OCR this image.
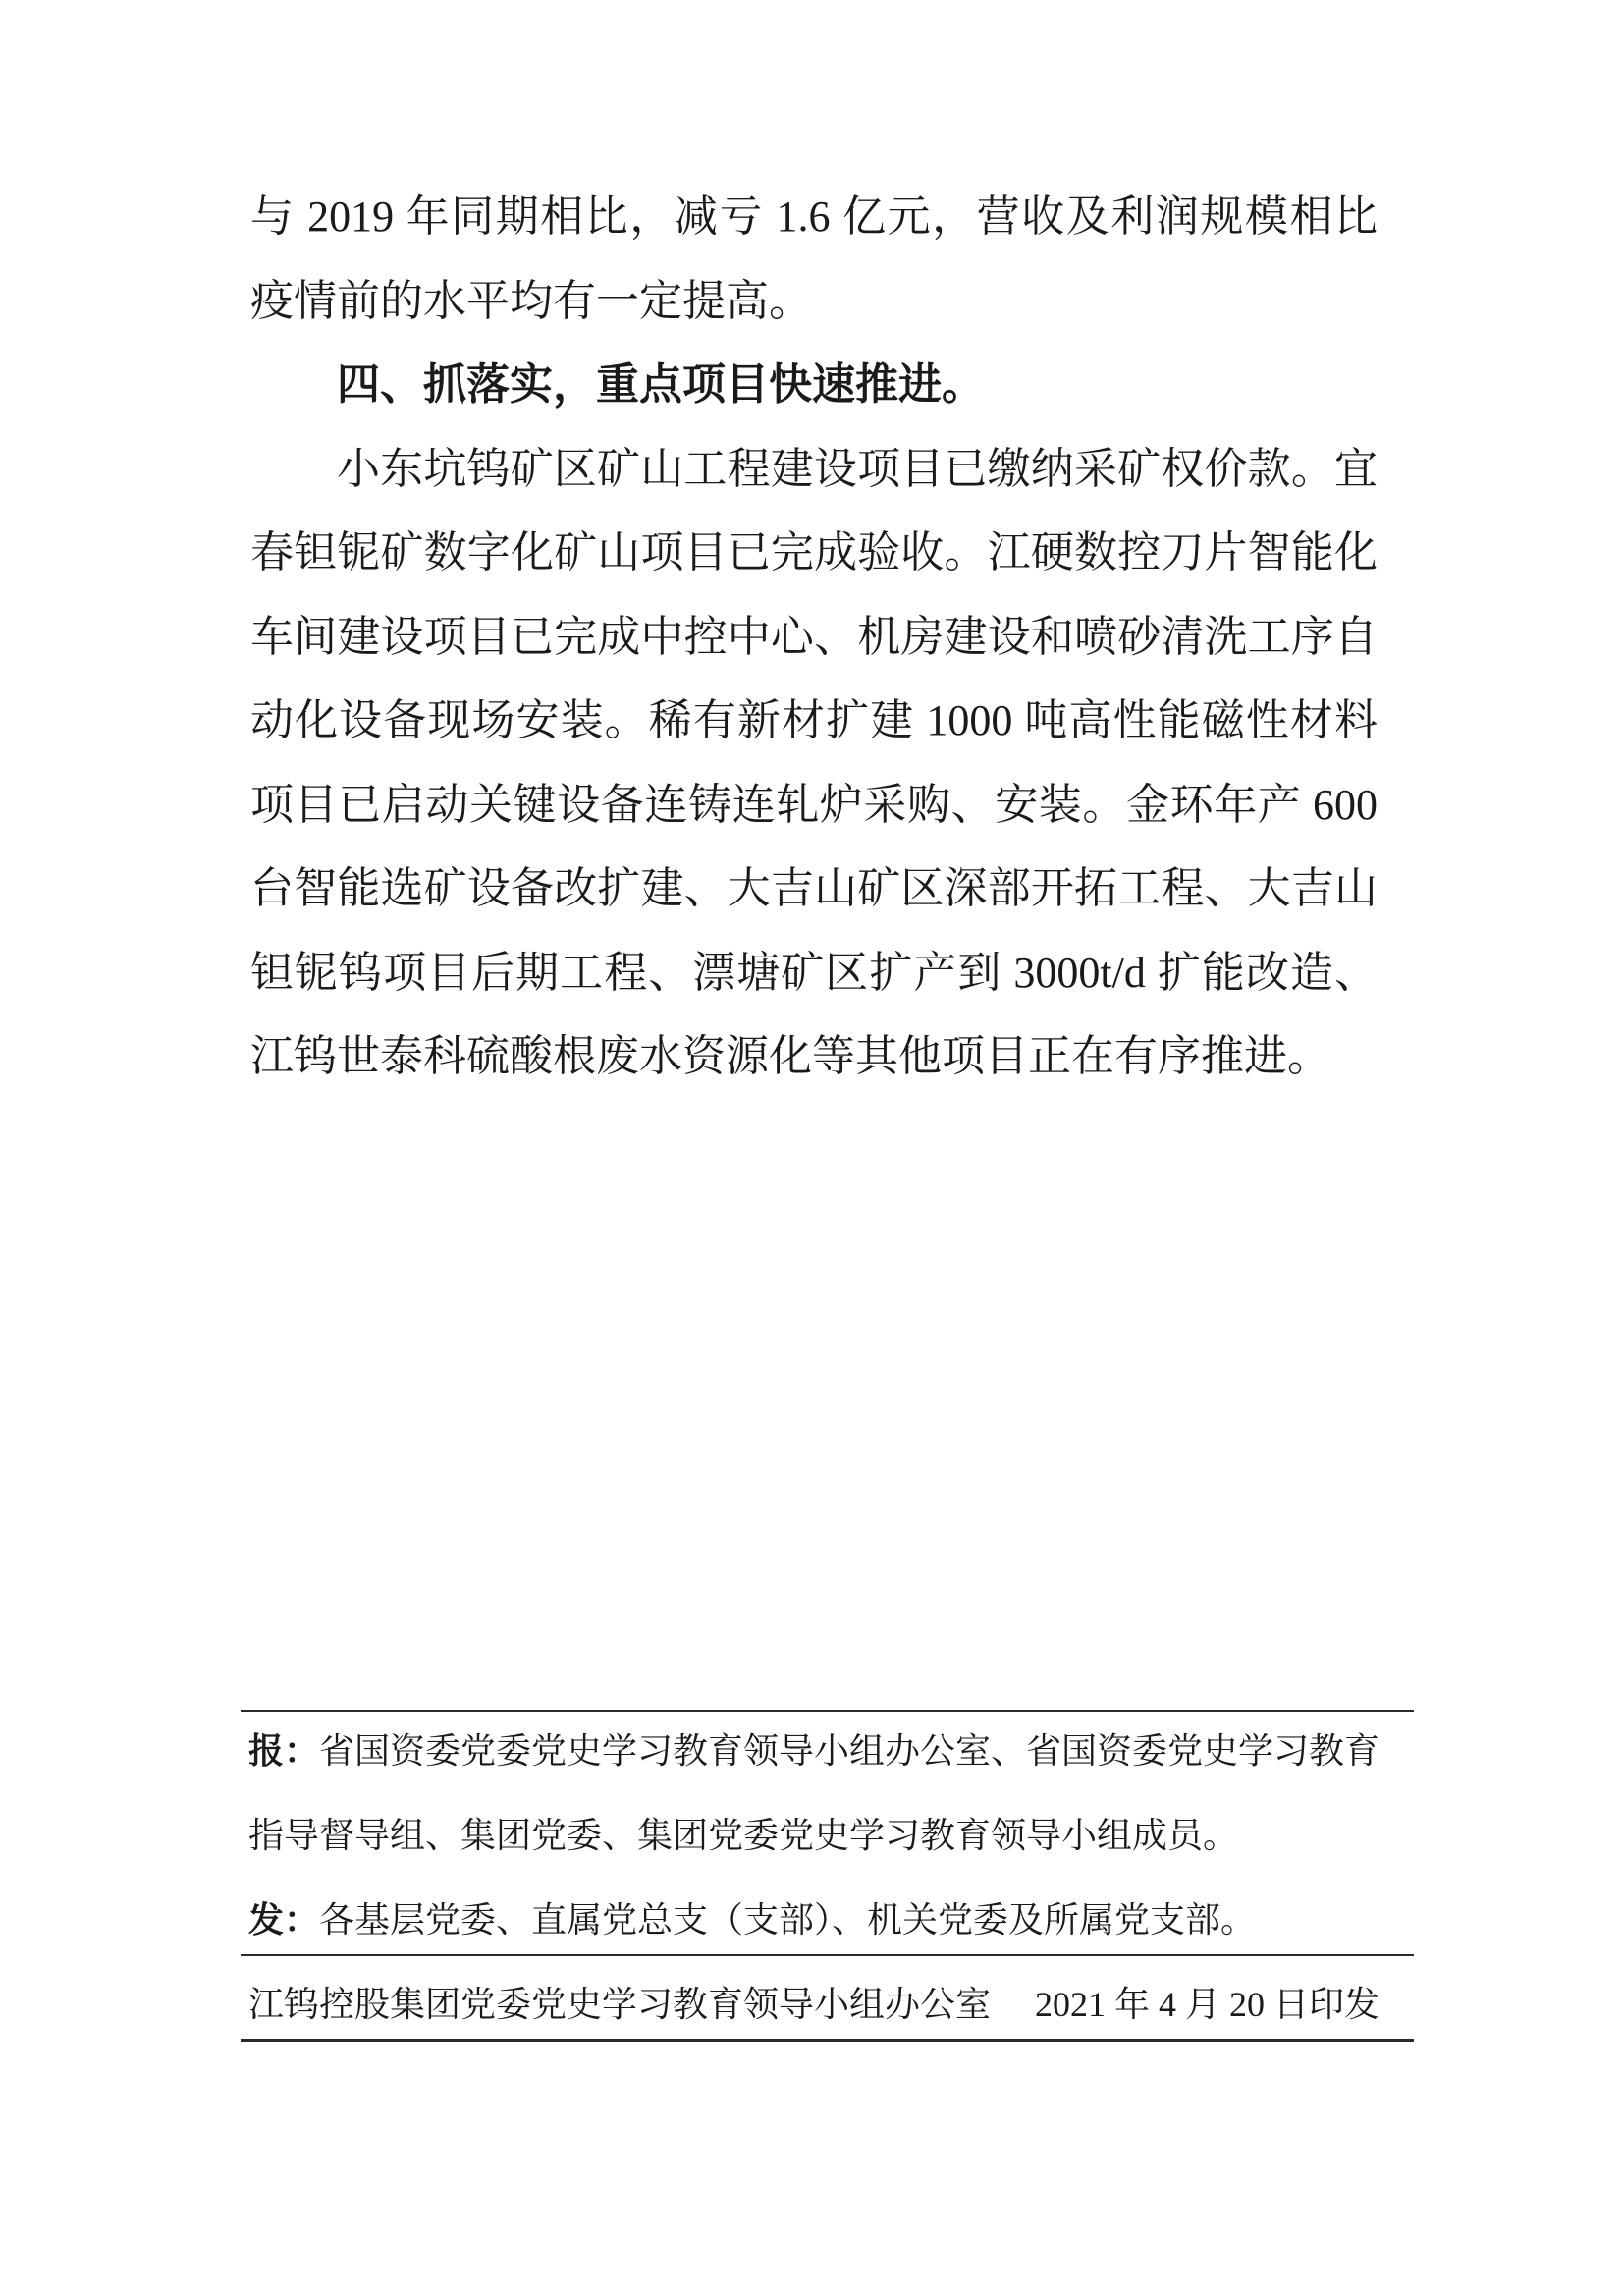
与 2019 年同期相比，减亏 1.6 亿元，营收及利润规模相比
疫情前的水平均有一定提高。
四、抓落实，重点项目快速推进。
小东坑钨矿区矿山工程建设项目已缴纳采矿权价款。宜
春钽铌矿数字化矿山项目已完成验收。江硬数控刀片智能化
车间建设项目已完成中控中心、机房建设和喷砂清洗工序自
动化设备现场安装。稀有新材扩建 1000 吨高性能磁性材料
项目已启动关键设备连铸连轧炉采购、安装。金环年产 600
台智能选矿设备改扩建、大吉山矿区深部开拓工程、大吉山
钽铌钨项目后期工程、漂塘矿区扩产到 3000t/d 扩能改造、
江钨世泰科硫酸根废水资源化等其他项目正在有序推进。
报：省国资委党委党史学习教育领导小组办公室、省国资委党史学习教育
指导督导组、集团党委、集团党委党史学习教育领导小组成员。
发：各基层党委、直属党总支（支部）、机关党委及所属党支部。
江钨控股集团党委党史学习教育领导小组办公室 2021 年 4 月 20 日印发
